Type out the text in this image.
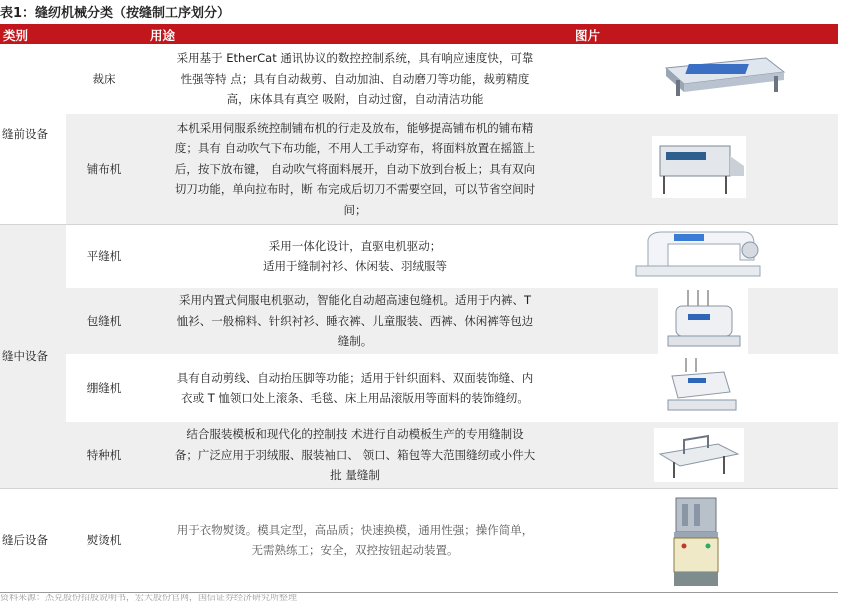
表1：缝纫机械分类（按缝制工序划分）
类别	用途	图片
缝前设备
缝中设备
缝后设备
裁床
采用基于 EtherCat 通讯协议的数控控制系统，具有响应速度快，可靠
性强等特 点；具有自动裁剪、自动加油、自动磨刀等功能，裁剪精度
高，床体具有真空 吸附，自动过窗，自动清洁功能
铺布机
本机采用伺服系统控制铺布机的行走及放布，能够提高铺布机的铺布精
度；具有 自动吹气下布功能，不用人工手动穿布，将面料放置在摇篮上
后，按下放布键， 自动吹气将面料展开，自动下放到台板上；具有双向
切刀功能，单向拉布时，断 布完成后切刀不需要空回，可以节省空间时
间；
平缝机
采用一体化设计，直驱电机驱动；
适用于缝制衬衫、休闲装、羽绒服等
包缝机
采用内置式伺服电机驱动，智能化自动超高速包缝机。适用于内裤、T
恤衫、一般棉料、针织衬衫、睡衣裤、儿童服装、西裤、休闲裤等包边
缝制。
绷缝机
具有自动剪线、自动抬压脚等功能；适用于针织面料、双面装饰缝、内
衣或 T 恤领口处上滚条、毛毯、床上用品滚版用等面料的装饰缝纫。
特种机
结合服装模板和现代化的控制技 术进行自动模板生产的专用缝制设
备；广泛应用于羽绒服、服装袖口、 领口、箱包等大范围缝纫或小件大
批 量缝制
熨烫机
用于衣物熨烫。模具定型，高品质；快速换模，通用性强；操作简单，
无需熟练工；安全，双控按钮起动装置。
资料来源：杰克股份招股说明书，宏大股份官网，国信证券经济研究所整理
